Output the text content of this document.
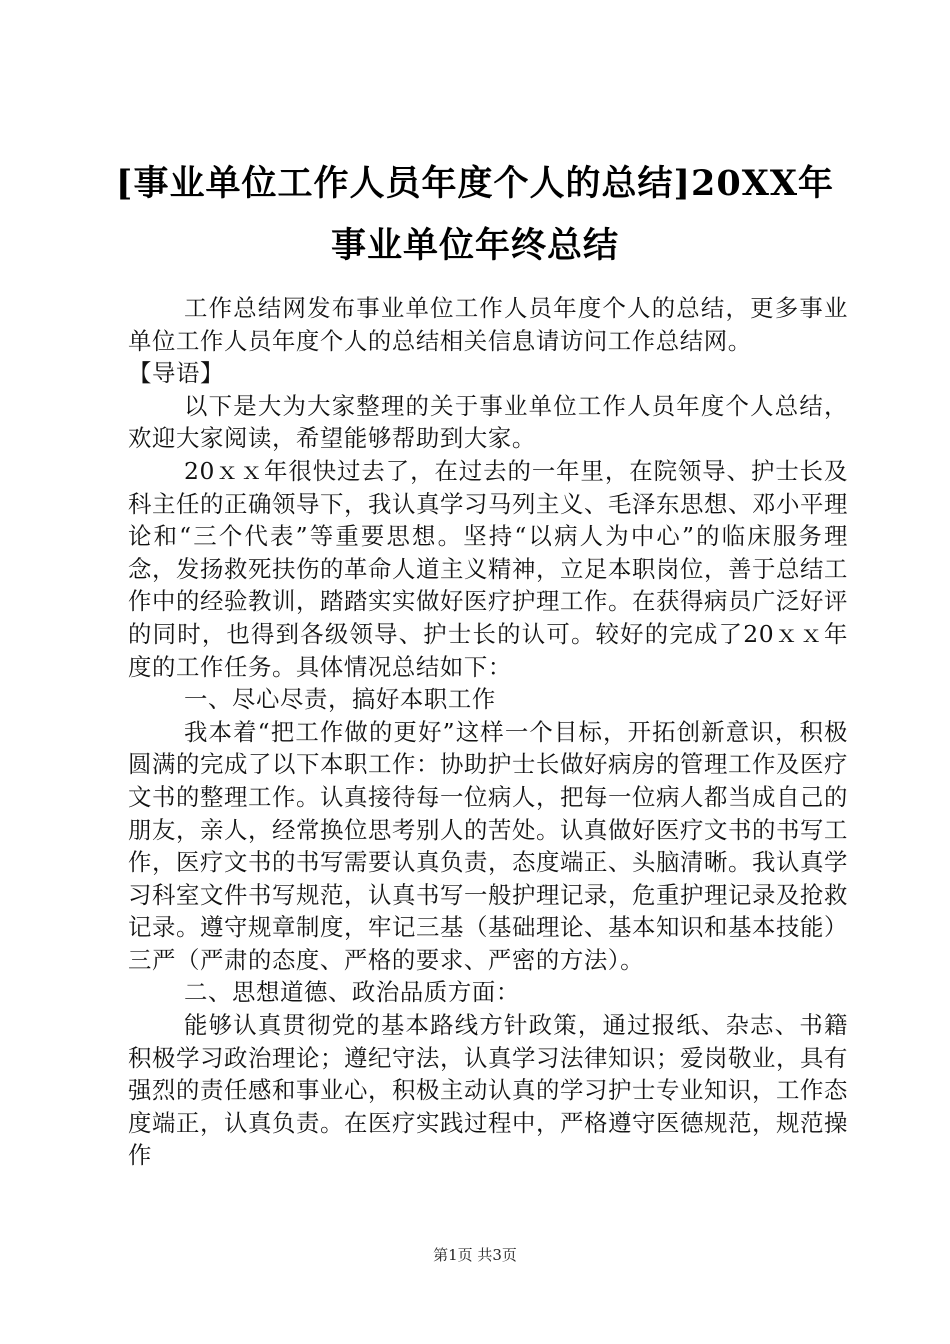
[事业单位工作人员年度个人的总结]20XX年
事业单位年终总结

工作总结网发布事业单位工作人员年度个人的总结，更多事业单位工作人员年度个人的总结相关信息请访问工作总结网。

【导语】

以下是大为大家整理的关于事业单位工作人员年度个人总结，欢迎大家阅读，希望能够帮助到大家。

20ｘｘ年很快过去了，在过去的一年里，在院领导、护士长及科主任的正确领导下，我认真学习马列主义、毛泽东思想、邓小平理论和“三个代表”等重要思想。坚持“以病人为中心”的临床服务理念，发扬救死扶伤的革命人道主义精神，立足本职岗位，善于总结工作中的经验教训，踏踏实实做好医疗护理工作。在获得病员广泛好评的同时，也得到各级领导、护士长的认可。较好的完成了20ｘｘ年度的工作任务。具体情况总结如下：

一、尽心尽责，搞好本职工作

我本着“把工作做的更好”这样一个目标，开拓创新意识，积极圆满的完成了以下本职工作：协助护士长做好病房的管理工作及医疗文书的整理工作。认真接待每一位病人，把每一位病人都当成自己的朋友，亲人，经常换位思考别人的苦处。认真做好医疗文书的书写工作，医疗文书的书写需要认真负责，态度端正、头脑清晰。我认真学习科室文件书写规范，认真书写一般护理记录，危重护理记录及抢救记录。遵守规章制度，牢记三基（基础理论、基本知识和基本技能）三严（严肃的态度、严格的要求、严密的方法）。

二、思想道德、政治品质方面：

能够认真贯彻党的基本路线方针政策，通过报纸、杂志、书籍积极学习政治理论；遵纪守法，认真学习法律知识；爱岗敬业，具有强烈的责任感和事业心，积极主动认真的学习护士专业知识，工作态度端正，认真负责。在医疗实践过程中，严格遵守医德规范，规范操作

第1页 共3页
